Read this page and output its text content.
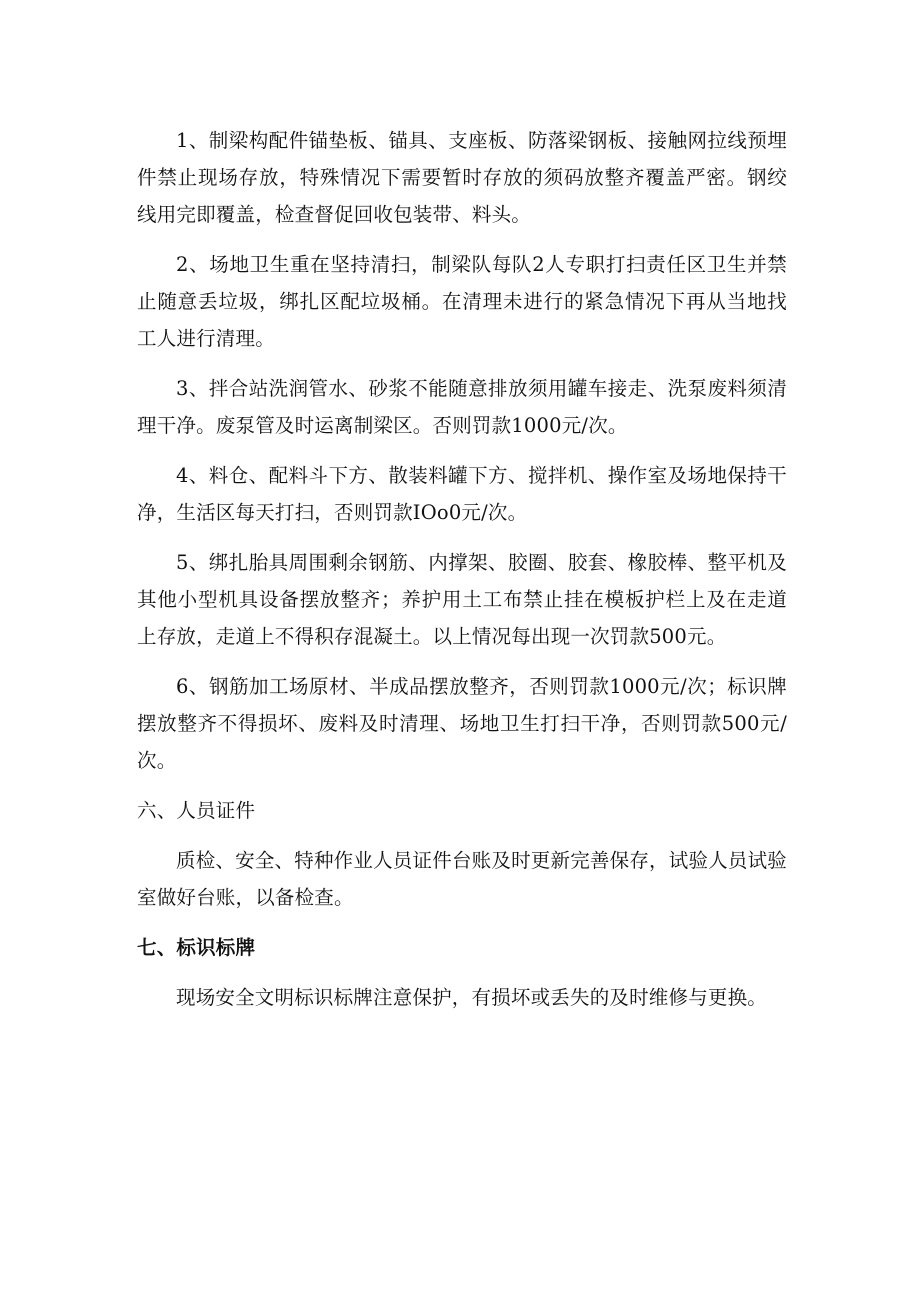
1、制梁构配件锚垫板、锚具、支座板、防落梁钢板、接触网拉线预埋件禁止现场存放，特殊情况下需要暂时存放的须码放整齐覆盖严密。钢绞线用完即覆盖，检查督促回收包装带、料头。

2、场地卫生重在坚持清扫，制梁队每队2人专职打扫责任区卫生并禁止随意丢垃圾，绑扎区配垃圾桶。在清理未进行的紧急情况下再从当地找工人进行清理。

3、拌合站洗润管水、砂浆不能随意排放须用罐车接走、洗泵废料须清理干净。废泵管及时运离制梁区。否则罚款1000元/次。

4、料仓、配料斗下方、散装料罐下方、搅拌机、操作室及场地保持干净，生活区每天打扫，否则罚款IOo0元/次。

5、绑扎胎具周围剩余钢筋、内撑架、胶圈、胶套、橡胶棒、整平机及其他小型机具设备摆放整齐；养护用土工布禁止挂在模板护栏上及在走道上存放，走道上不得积存混凝土。以上情况每出现一次罚款500元。

6、钢筋加工场原材、半成品摆放整齐，否则罚款1000元/次；标识牌摆放整齐不得损坏、废料及时清理、场地卫生打扫干净，否则罚款500元/次。

六、人员证件

质检、安全、特种作业人员证件台账及时更新完善保存，试验人员试验室做好台账，以备检查。

七、标识标牌

现场安全文明标识标牌注意保护，有损坏或丢失的及时维修与更换。
